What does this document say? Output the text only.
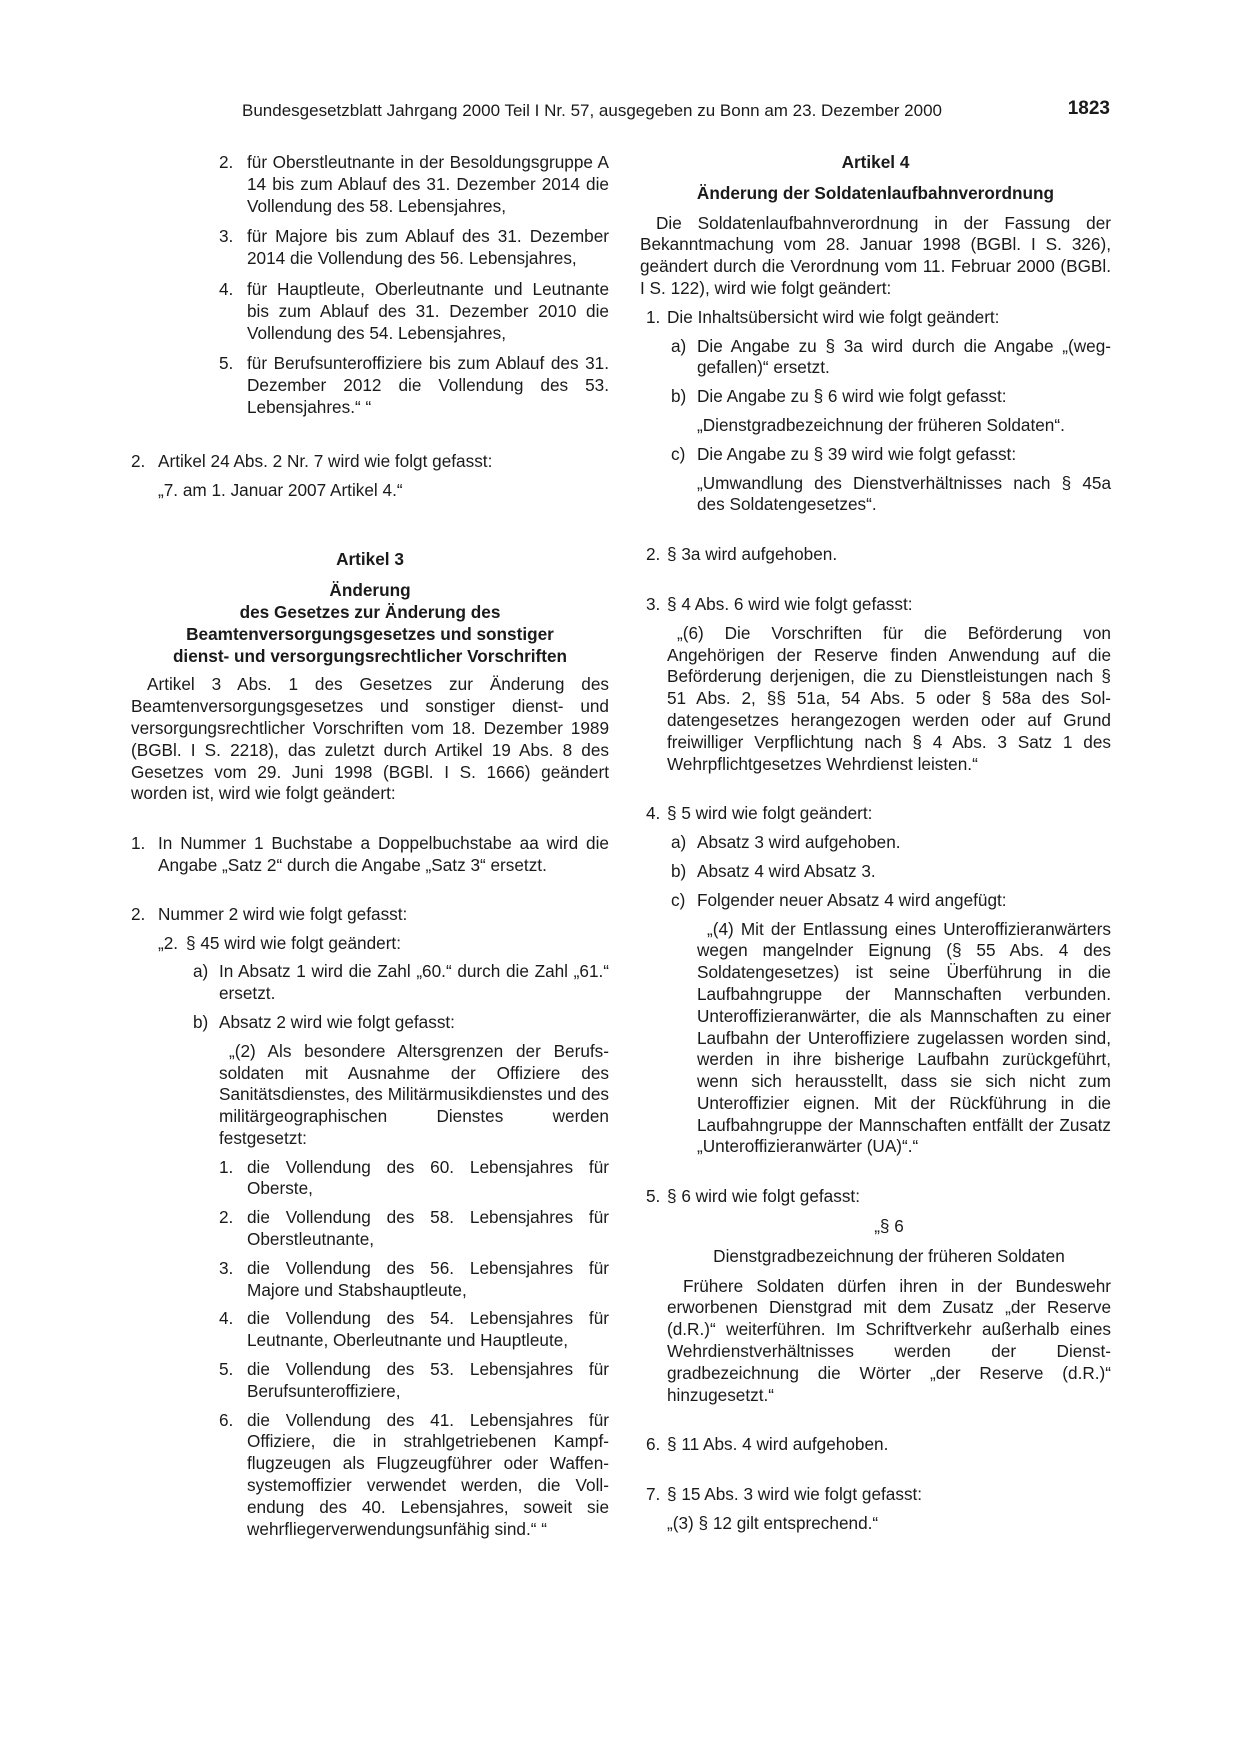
Bundesgesetzblatt Jahrgang 2000 Teil I Nr. 57, ausgegeben zu Bonn am 23. Dezember 2000	1823
2. für Oberstleutnante in der Besoldungsgruppe A 14 bis zum Ablauf des 31. Dezember 2014 die Vollendung des 58. Lebensjahres,

3. für Majore bis zum Ablauf des 31. Dezember 2014 die Vollendung des 56. Lebensjahres,

4. für Hauptleute, Oberleutnante und Leutnante bis zum Ablauf des 31. Dezember 2010 die Vollendung des 54. Lebensjahres,

5. für Berufsunteroffiziere bis zum Ablauf des 31. Dezember 2012 die Vollendung des 53. Lebensjahres.“ “

2. Artikel 24 Abs. 2 Nr. 7 wird wie folgt gefasst:

„7. am 1. Januar 2007 Artikel 4.“

Artikel 3
Änderung
des Gesetzes zur Änderung des
Beamtenversorgungsgesetzes und sonstiger
dienst- und versorgungsrechtlicher Vorschriften

Artikel 3 Abs. 1 des Gesetzes zur Änderung des Beamtenversorgungsgesetzes und sonstiger dienst- und versorgungsrechtlicher Vorschriften vom 18. Dezember 1989 (BGBl. I S. 2218), das zuletzt durch Artikel 19 Abs. 8 des Gesetzes vom 29. Juni 1998 (BGBl. I S. 1666) geändert worden ist, wird wie folgt geändert:

1. In Nummer 1 Buchstabe a Doppelbuchstabe aa wird die Angabe „Satz 2“ durch die Angabe „Satz 3“ ersetzt.

2. Nummer 2 wird wie folgt gefasst:

„2. § 45 wird wie folgt geändert:

a) In Absatz 1 wird die Zahl „60.“ durch die Zahl „61.“ ersetzt.

b) Absatz 2 wird wie folgt gefasst:

„(2) Als besondere Altersgrenzen der Berufssoldaten mit Ausnahme der Offiziere des Sanitätsdienstes, des Militärmusikdienstes und des militärgeographischen Dienstes werden festgesetzt:

1. die Vollendung des 60. Lebensjahres für Oberste,

2. die Vollendung des 58. Lebensjahres für Oberstleutnante,

3. die Vollendung des 56. Lebensjahres für Majore und Stabshauptleute,

4. die Vollendung des 54. Lebensjahres für Leutnante, Oberleutnante und Hauptleute,

5. die Vollendung des 53. Lebensjahres für Berufsunteroffiziere,

6. die Vollendung des 41. Lebensjahres für Offiziere, die in strahlgetriebenen Kampfflugzeugen als Flugzeugführer oder Waffensystemoffizier verwendet werden, die Vollendung des 40. Lebensjahres, soweit sie wehrfliegerverwendungsunfähig sind.“ “

Artikel 4
Änderung der Soldatenlaufbahnverordnung

Die Soldatenlaufbahnverordnung in der Fassung der Bekanntmachung vom 28. Januar 1998 (BGBl. I S. 326), geändert durch die Verordnung vom 11. Februar 2000 (BGBl. I S. 122), wird wie folgt geändert:

1. Die Inhaltsübersicht wird wie folgt geändert:

a) Die Angabe zu § 3a wird durch die Angabe „(weggefallen)“ ersetzt.

b) Die Angabe zu § 6 wird wie folgt gefasst:

„Dienstgradbezeichnung der früheren Soldaten“.

c) Die Angabe zu § 39 wird wie folgt gefasst:

„Umwandlung des Dienstverhältnisses nach § 45a des Soldatengesetzes“.

2. § 3a wird aufgehoben.

3. § 4 Abs. 6 wird wie folgt gefasst:

„(6) Die Vorschriften für die Beförderung von Angehörigen der Reserve finden Anwendung auf die Beförderung derjenigen, die zu Dienstleistungen nach § 51 Abs. 2, §§ 51a, 54 Abs. 5 oder § 58a des Soldatengesetzes herangezogen werden oder auf Grund freiwilliger Verpflichtung nach § 4 Abs. 3 Satz 1 des Wehrpflichtgesetzes Wehrdienst leisten.“

4. § 5 wird wie folgt geändert:

a) Absatz 3 wird aufgehoben.

b) Absatz 4 wird Absatz 3.

c) Folgender neuer Absatz 4 wird angefügt:

„(4) Mit der Entlassung eines Unteroffizieranwärters wegen mangelnder Eignung (§ 55 Abs. 4 des Soldatengesetzes) ist seine Überführung in die Laufbahngruppe der Mannschaften verbunden. Unteroffizieranwärter, die als Mannschaften zu einer Laufbahn der Unteroffiziere zugelassen worden sind, werden in ihre bisherige Laufbahn zurückgeführt, wenn sich herausstellt, dass sie sich nicht zum Unteroffizier eignen. Mit der Rückführung in die Laufbahngruppe der Mannschaften entfällt der Zusatz „Unteroffizieranwärter (UA)“.“

5. § 6 wird wie folgt gefasst:

„§ 6

Dienstgradbezeichnung der früheren Soldaten

Frühere Soldaten dürfen ihren in der Bundeswehr erworbenen Dienstgrad mit dem Zusatz „der Reserve (d.R.)“ weiterführen. Im Schriftverkehr außerhalb eines Wehrdienstverhältnisses werden der Dienstgradbezeichnung die Wörter „der Reserve (d.R.)“ hinzugesetzt.“

6. § 11 Abs. 4 wird aufgehoben.

7. § 15 Abs. 3 wird wie folgt gefasst:

„(3) § 12 gilt entsprechend.“
